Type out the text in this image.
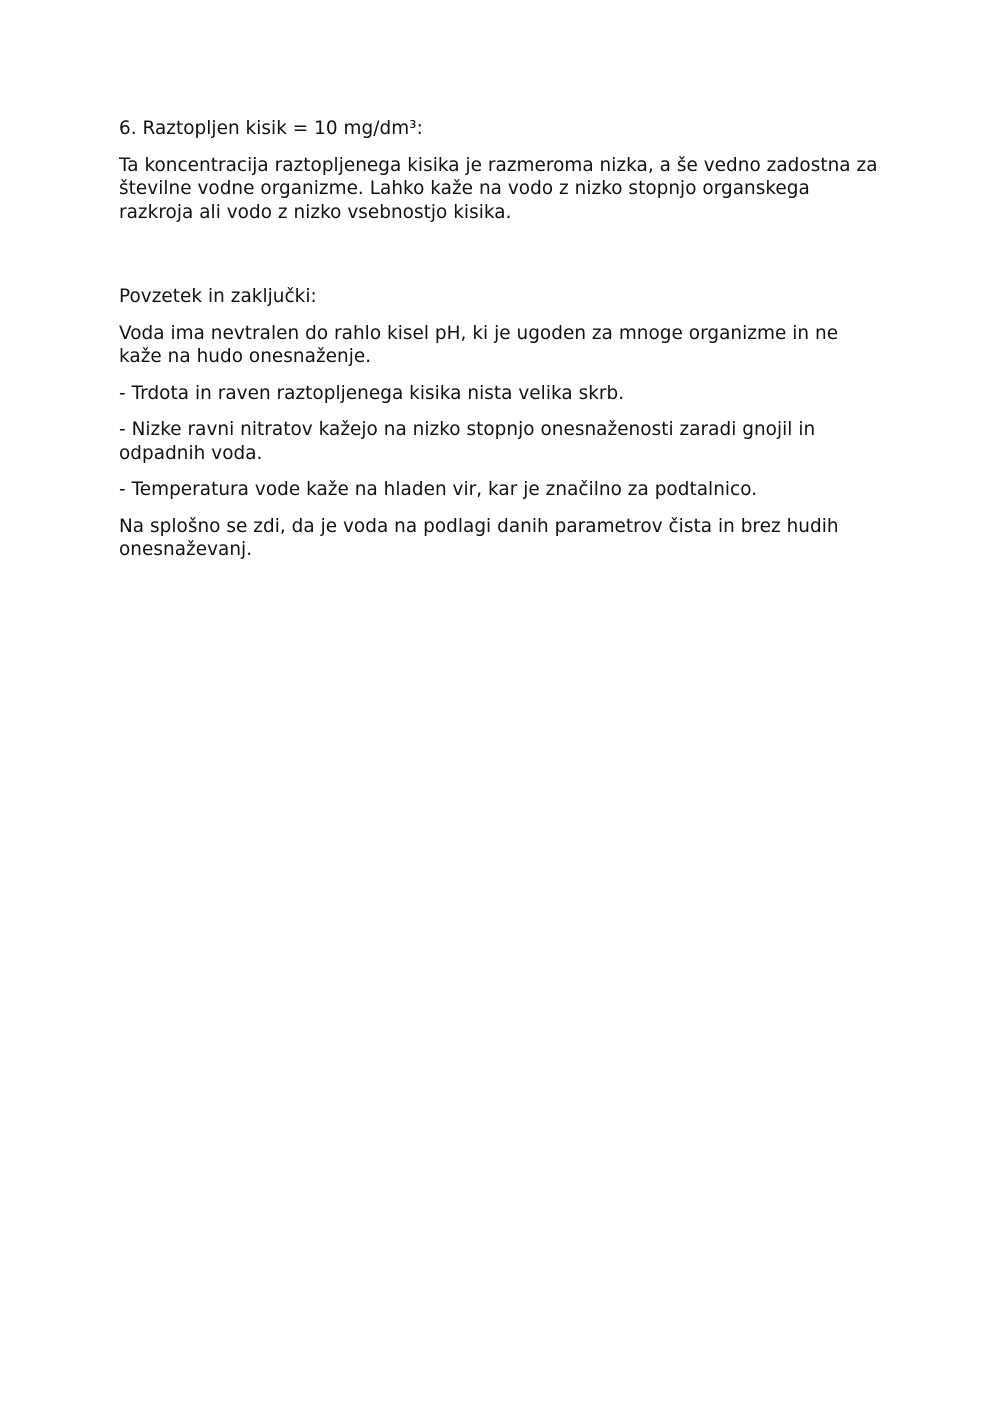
6. Raztopljen kisik = 10 mg/dm³:

Ta koncentracija raztopljenega kisika je razmeroma nizka, a še vedno zadostna za številne vodne organizme. Lahko kaže na vodo z nizko stopnjo organskega razkroja ali vodo z nizko vsebnostjo kisika.

Povzetek in zaključki:

Voda ima nevtralen do rahlo kisel pH, ki je ugoden za mnoge organizme in ne kaže na hudo onesnaženje.

- Trdota in raven raztopljenega kisika nista velika skrb.

- Nizke ravni nitratov kažejo na nizko stopnjo onesnaženosti zaradi gnojil in odpadnih voda.

- Temperatura vode kaže na hladen vir, kar je značilno za podtalnico.

Na splošno se zdi, da je voda na podlagi danih parametrov čista in brez hudih onesnaževanj.
